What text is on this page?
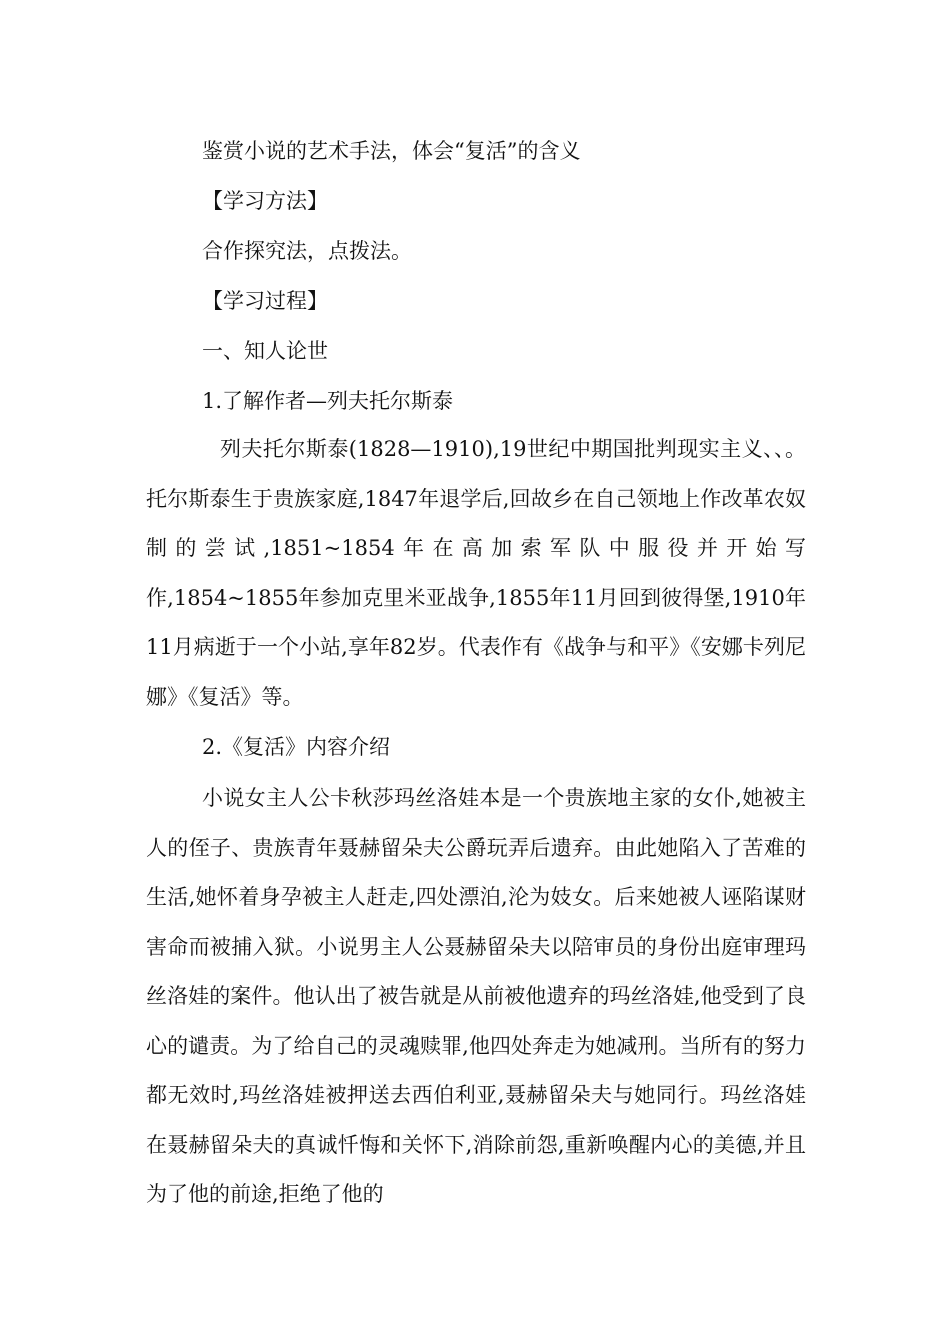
鉴赏小说的艺术手法，体会“复活”的含义
【学习方法】
合作探究法，点拨法。
【学习过程】
一、知人论世
1.了解作者—列夫托尔斯泰
列夫托尔斯泰(1828—1910),19世纪中期国批判现实主义、、。托尔斯泰生于贵族家庭,1847年退学后,回故乡在自己领地上作改革农奴制的尝试,1851~1854年在高加索军队中服役并开始写作,1854~1855年参加克里米亚战争,1855年11月回到彼得堡,1910年11月病逝于一个小站,享年82岁。代表作有《战争与和平》《安娜卡列尼娜》《复活》等。
2.《复活》内容介绍
小说女主人公卡秋莎玛丝洛娃本是一个贵族地主家的女仆,她被主人的侄子、贵族青年聂赫留朵夫公爵玩弄后遗弃。由此她陷入了苦难的生活,她怀着身孕被主人赶走,四处漂泊,沦为妓女。后来她被人诬陷谋财害命而被捕入狱。小说男主人公聂赫留朵夫以陪审员的身份出庭审理玛丝洛娃的案件。他认出了被告就是从前被他遗弃的玛丝洛娃,他受到了良心的谴责。为了给自己的灵魂赎罪,他四处奔走为她减刑。当所有的努力都无效时,玛丝洛娃被押送去西伯利亚,聂赫留朵夫与她同行。玛丝洛娃在聂赫留朵夫的真诚忏悔和关怀下,消除前怨,重新唤醒内心的美德,并且为了他的前途,拒绝了他的
